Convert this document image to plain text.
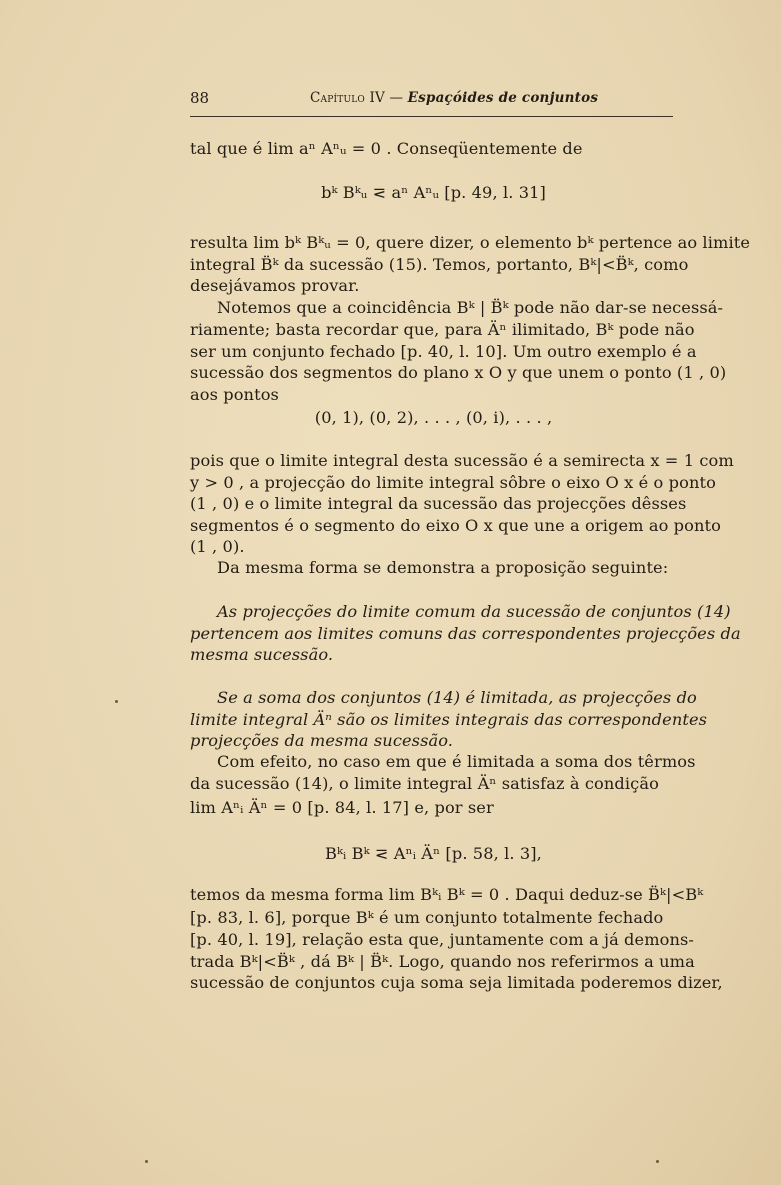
88	Capítulo IV — Espaçóides de conjuntos
tal que é lim aⁿ Aⁿᵤ = 0 . Conseqüentemente de
bᵏ Bᵏᵤ ⋜ aⁿ Aⁿᵤ [p. 49, l. 31]
resulta lim bᵏ Bᵏᵤ = 0, quere dizer, o elemento bᵏ pertence ao limite
integral B̈ᵏ da sucessão (15). Temos, portanto, Bᵏ|<B̈ᵏ, como
desejávamos provar.
Notemos que a coincidência Bᵏ | B̈ᵏ pode não dar-se necessá-
riamente; basta recordar que, para Äⁿ ilimitado, Bᵏ pode não
ser um conjunto fechado [p. 40, l. 10]. Um outro exemplo é a
sucessão dos segmentos do plano x O y que unem o ponto (1 , 0)
aos pontos
(0, 1), (0, 2), . . . , (0, i), . . . ,
pois que o limite integral desta sucessão é a semirecta x = 1 com
y > 0 , a projecção do limite integral sôbre o eixo O x é o ponto
(1 , 0) e o limite integral da sucessão das projecções dêsses
segmentos é o segmento do eixo O x que une a origem ao ponto
(1 , 0).
Da mesma forma se demonstra a proposição seguinte:
As projecções do limite comum da sucessão de conjuntos (14)
pertencem aos limites comuns das correspondentes projecções da
mesma sucessão.
Se a soma dos conjuntos (14) é limitada, as projecções do
limite integral Äⁿ são os limites integrais das correspondentes
projecções da mesma sucessão.
Com efeito, no caso em que é limitada a soma dos têrmos
da sucessão (14), o limite integral Äⁿ satisfaz à condição
lim Aⁿᵢ Äⁿ = 0 [p. 84, l. 17] e, por ser
Bᵏᵢ Bᵏ ⋜ Aⁿᵢ Äⁿ [p. 58, l. 3],
temos da mesma forma lim Bᵏᵢ Bᵏ = 0 . Daqui deduz-se B̈ᵏ|<Bᵏ
[p. 83, l. 6], porque Bᵏ é um conjunto totalmente fechado
[p. 40, l. 19], relação esta que, juntamente com a já demons-
trada Bᵏ|<B̈ᵏ , dá Bᵏ | B̈ᵏ. Logo, quando nos referirmos a uma
sucessão de conjuntos cuja soma seja limitada poderemos dizer,
